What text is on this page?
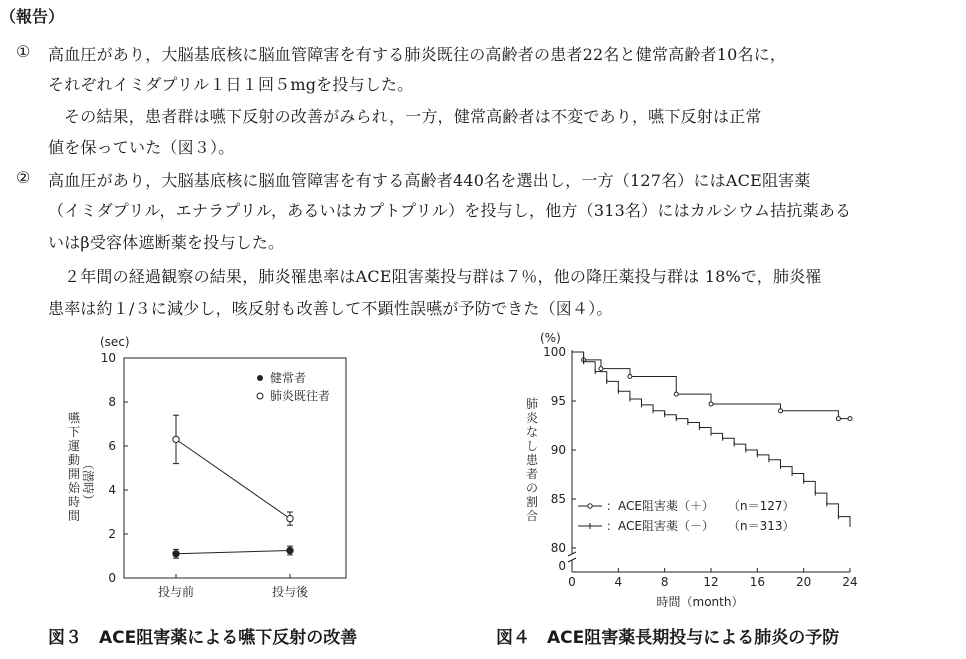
（報告）
① 高血圧があり，大脳基底核に脳血管障害を有する肺炎既往の高齢者の患者22名と健常高齢者10名に，
それぞれイミダプリル１日１回５mgを投与した。
その結果，患者群は嚥下反射の改善がみられ，一方，健常高齢者は不変であり，嚥下反射は正常
値を保っていた（図３）。
② 高血圧があり，大脳基底核に脳血管障害を有する高齢者440名を選出し，一方（127名）にはACE阻害薬
（イミダプリル，エナラプリル，あるいはカプトプリル）を投与し，他方（313名）にはカルシウム拮抗薬ある
いはβ受容体遮断薬を投与した。
２年間の経過観察の結果，肺炎罹患率はACE阻害薬投与群は７％，他の降圧薬投与群は 18%で，肺炎罹
患率は約１/３に減少し，咳反射も改善して不顕性誤嚥が予防できた（図４）。
(sec)
嚥
下
運
動
開
始
時
間
（潜時）
0
2
4
6
8
10
投与前	投与後
健常者
肺炎既往者
(%)
肺
炎
な
し
患
者
の
割
合
80
85
90
95
100
0
0	4	8	12	16	20	24
：ACE阻害薬（＋） （n＝127）
：ACE阻害薬（－） （n＝313）
時間（month）
図３　ACE阻害薬による嚥下反射の改善	図４　ACE阻害薬長期投与による肺炎の予防
